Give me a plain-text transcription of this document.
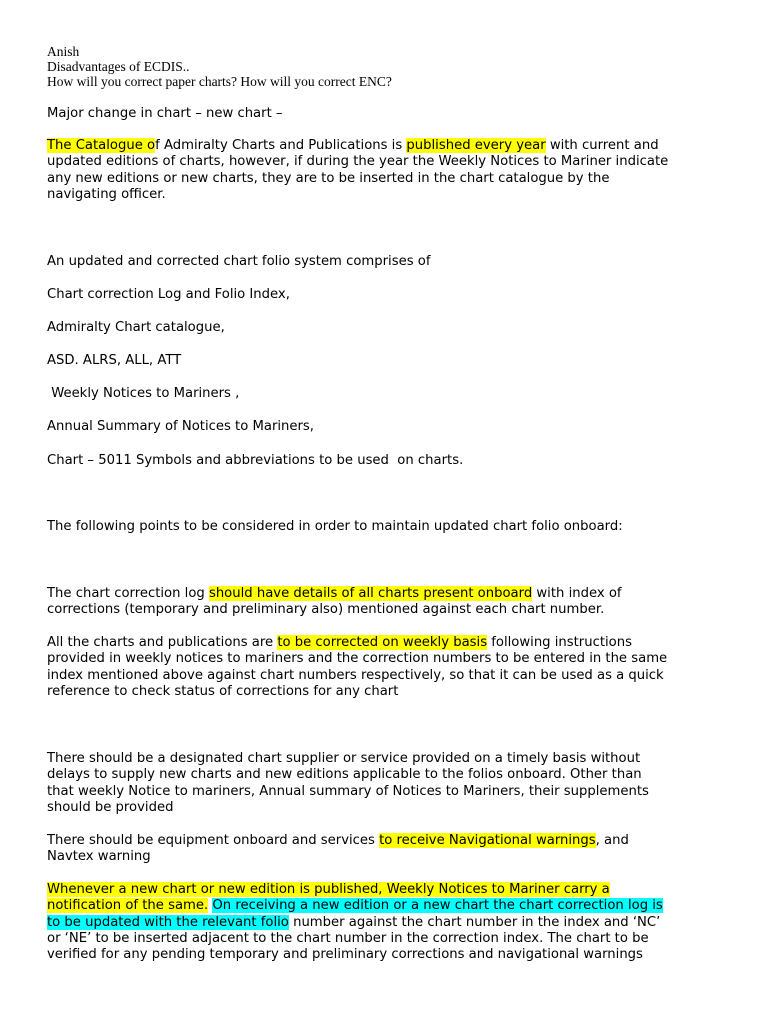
Anish
Disadvantages of ECDIS..
How will you correct paper charts? How will you correct ENC?
Major change in chart – new chart –
The Catalogue of Admiralty Charts and Publications is published every year with current and
updated editions of charts, however, if during the year the Weekly Notices to Mariner indicate
any new editions or new charts, they are to be inserted in the chart catalogue by the
navigating officer.
An updated and corrected chart folio system comprises of
Chart correction Log and Folio Index,
Admiralty Chart catalogue,
ASD. ALRS, ALL, ATT
Weekly Notices to Mariners ,
Annual Summary of Notices to Mariners,
Chart – 5011 Symbols and abbreviations to be used  on charts.
The following points to be considered in order to maintain updated chart folio onboard:
The chart correction log should have details of all charts present onboard with index of
corrections (temporary and preliminary also) mentioned against each chart number.
All the charts and publications are to be corrected on weekly basis following instructions
provided in weekly notices to mariners and the correction numbers to be entered in the same
index mentioned above against chart numbers respectively, so that it can be used as a quick
reference to check status of corrections for any chart
There should be a designated chart supplier or service provided on a timely basis without
delays to supply new charts and new editions applicable to the folios onboard. Other than
that weekly Notice to mariners, Annual summary of Notices to Mariners, their supplements
should be provided
There should be equipment onboard and services to receive Navigational warnings, and
Navtex warning
Whenever a new chart or new edition is published, Weekly Notices to Mariner carry a
notification of the same. On receiving a new edition or a new chart the chart correction log is
to be updated with the relevant folio number against the chart number in the index and ‘NC’
or ‘NE’ to be inserted adjacent to the chart number in the correction index. The chart to be
verified for any pending temporary and preliminary corrections and navigational warnings
